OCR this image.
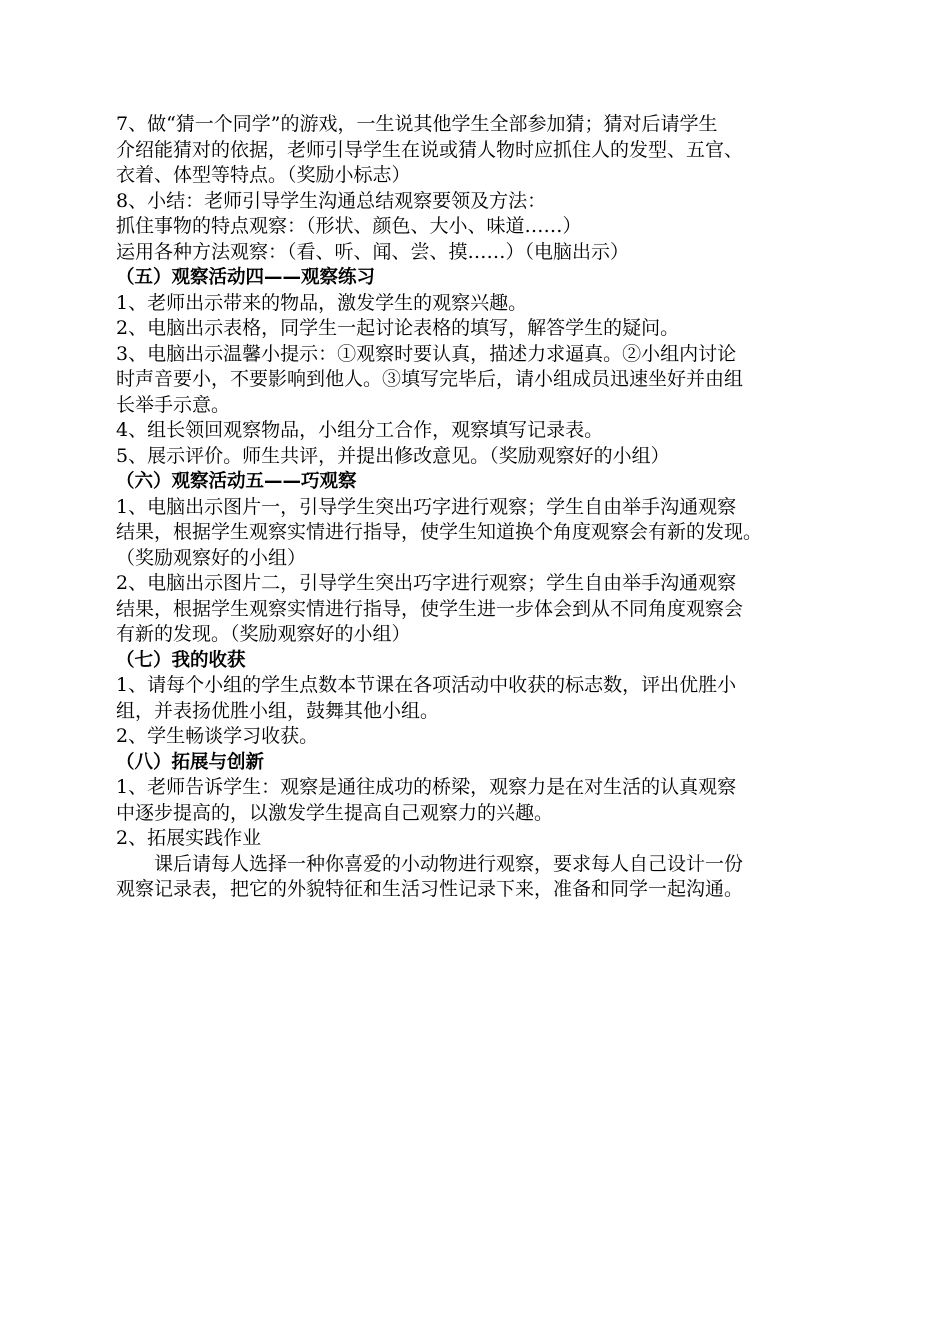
7、做“猜一个同学”的游戏，一生说其他学生全部参加猜；猜对后请学生
介绍能猜对的依据，老师引导学生在说或猜人物时应抓住人的发型、五官、
衣着、体型等特点。（奖励小标志）
8、小结：老师引导学生沟通总结观察要领及方法：
抓住事物的特点观察：（形状、颜色、大小、味道……）
运用各种方法观察：（看、听、闻、尝、摸……）（电脑出示）
（五）观察活动四——观察练习
1、老师出示带来的物品，激发学生的观察兴趣。
2、电脑出示表格，同学生一起讨论表格的填写，解答学生的疑问。
3、电脑出示温馨小提示：①观察时要认真，描述力求逼真。②小组内讨论
时声音要小，不要影响到他人。③填写完毕后，请小组成员迅速坐好并由组
长举手示意。
4、组长领回观察物品，小组分工合作，观察填写记录表。
5、展示评价。师生共评，并提出修改意见。（奖励观察好的小组）
（六）观察活动五——巧观察
1、电脑出示图片一，引导学生突出巧字进行观察；学生自由举手沟通观察
结果，根据学生观察实情进行指导，使学生知道换个角度观察会有新的发现。
（奖励观察好的小组）
2、电脑出示图片二，引导学生突出巧字进行观察；学生自由举手沟通观察
结果，根据学生观察实情进行指导，使学生进一步体会到从不同角度观察会
有新的发现。（奖励观察好的小组）
（七）我的收获
1、请每个小组的学生点数本节课在各项活动中收获的标志数，评出优胜小
组，并表扬优胜小组，鼓舞其他小组。
2、学生畅谈学习收获。
（八）拓展与创新
1、老师告诉学生：观察是通往成功的桥梁，观察力是在对生活的认真观察
中逐步提高的，以激发学生提高自己观察力的兴趣。
2、拓展实践作业
课后请每人选择一种你喜爱的小动物进行观察，要求每人自己设计一份
观察记录表，把它的外貌特征和生活习性记录下来，准备和同学一起沟通。
